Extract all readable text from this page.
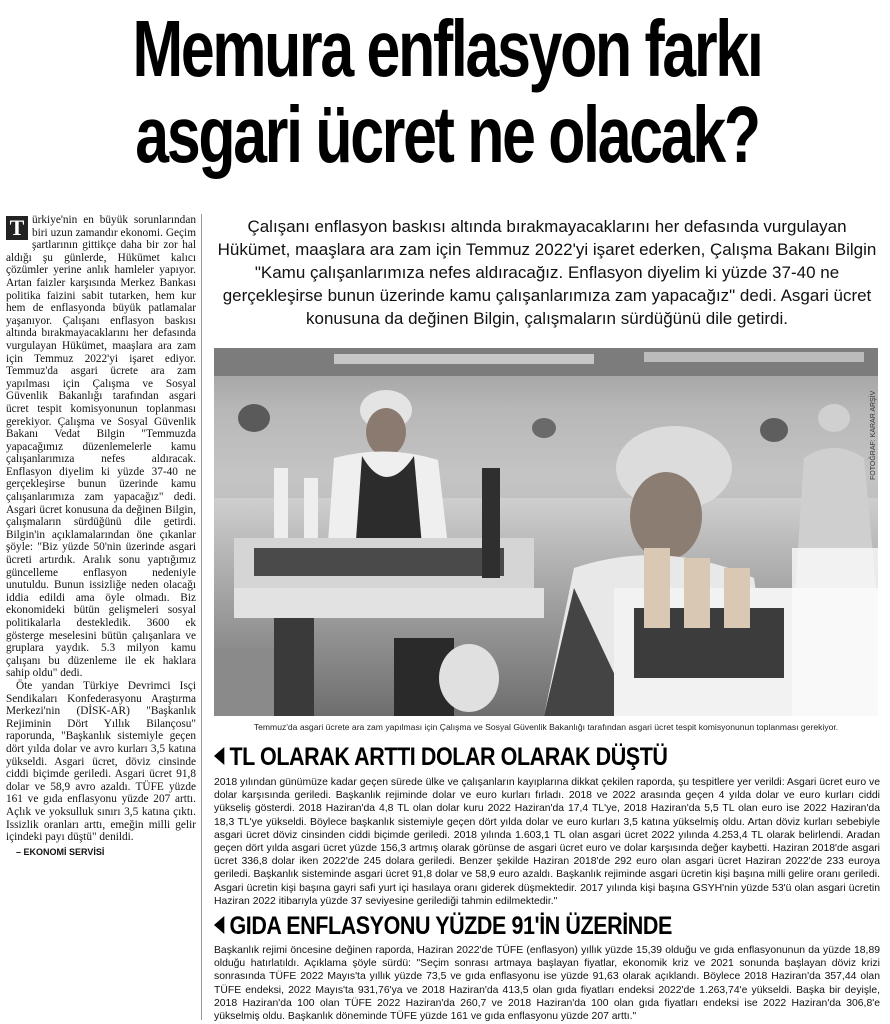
Memura enflasyon farkı
asgari ücret ne olacak?

T ürkiye'nin en büyük sorunlarından biri uzun zamandır ekonomi. Geçim şartlarının gittikçe daha bir zor hal aldığı şu günlerde, Hükümet kalıcı çözümler yerine anlık hamleler yapıyor. Artan faizler karşısında Merkez Bankası politika faizini sabit tutarken, hem kur hem de enflasyonda büyük patlamalar yaşanıyor. Çalışanı enflasyon baskısı altında bırakmayacaklarını her defasında vurgulayan Hükümet, maaşlara ara zam için Temmuz 2022'yi işaret ediyor. Temmuz'da asgari ücrete ara zam yapılması için Çalışma ve Sosyal Güvenlik Bakanlığı tarafından asgari ücret tespit komisyonunun toplanması gerekiyor. Çalışma ve Sosyal Güvenlik Bakanı Vedat Bilgin "Temmuzda yapacağımız düzenlemelerle kamu çalışanlarımıza nefes aldıracak. Enflasyon diyelim ki yüzde 37-40 ne gerçekleşirse bunun üzerinde kamu çalışanlarımıza zam yapacağız" dedi. Asgari ücret konusuna da değinen Bilgin, çalışmaların sürdüğünü dile getirdi. Bilgin'in açıklamalarından öne çıkanlar şöyle: "Biz yüzde 50'nin üzerinde asgari ücreti artırdık. Aralık sonu yaptığımız güncelleme enflasyon nedeniyle unutuldu. Bunun issizliğe neden olacağı iddia edildi ama öyle olmadı. Biz ekonomideki bütün gelişmeleri sosyal politikalarla destekledik. 3600 ek gösterge meselesini bütün çalışanlara ve gruplara yaydık. 5.3 milyon kamu çalışanı bu düzenleme ile ek haklara sahip oldu" dedi.

Öte yandan Türkiye Devrimci Isçi Sendikaları Konfederasyonu Araştırma Merkezi'nin (DİSK-AR) "Başkanlık Rejiminin Dört Yıllık Bilançosu" raporunda, "Başkanlık sistemiyle geçen dört yılda dolar ve avro kurları 3,5 katına yükseldi. Asgari ücret, döviz cinsinde ciddi biçimde geriledi. Asgari ücret 91,8 dolar ve 58,9 avro azaldı. TÜFE yüzde 161 ve gıda enflasyonu yüzde 207 arttı. Açlık ve yoksulluk sınırı 3,5 katına çıktı. Issizlik oranları arttı, emeğin milli gelir içindeki payı düştü" denildi.

– EKONOMİ SERVİSİ

Çalışanı enflasyon baskısı altında bırakmayacaklarını her defasında vurgulayan Hükümet, maaşlara ara zam için Temmuz 2022'yi işaret ederken, Çalışma Bakanı Bilgin "Kamu çalışanlarımıza nefes aldıracağız. Enflasyon diyelim ki yüzde 37-40 ne gerçekleşirse bunun üzerinde kamu çalışanlarımıza zam yapacağız" dedi. Asgari ücret konusuna da değinen Bilgin, çalışmaların sürdüğünü dile getirdi.
FOTOĞRAF: KARAR ARŞİV
Temmuz'da asgari ücrete ara zam yapılması için Çalışma ve Sosyal Güvenlik Bakanlığı tarafından asgari ücret tespit komisyonunun toplanması gerekiyor.
TL OLARAK ARTTI DOLAR OLARAK DÜŞTÜ
2018 yılından günümüze kadar geçen sürede ülke ve çalışanların kayıplarına dikkat çekilen raporda, şu tespitlere yer verildi: Asgari ücret euro ve dolar karşısında geriledi. Başkanlık rejiminde dolar ve euro kurları fırladı. 2018 ve 2022 arasında geçen 4 yılda dolar ve euro kurları ciddi yükseliş gösterdi. 2018 Haziran'da 4,8 TL olan dolar kuru 2022 Haziran'da 17,4 TL'ye, 2018 Haziran'da 5,5 TL olan euro ise 2022 Haziran'da 18,3 TL'ye yükseldi. Böylece başkanlık sistemiyle geçen dört yılda dolar ve euro kurları 3,5 katına yükselmiş oldu. Artan döviz kurları sebebiyle asgari ücret döviz cinsinden ciddi biçimde geriledi. 2018 yılında 1.603,1 TL olan asgari ücret 2022 yılında 4.253,4 TL olarak belirlendi. Aradan geçen dört yılda asgari ücret yüzde 156,3 artmış olarak görünse de asgari ücret euro ve dolar karşısında değer kaybetti. Haziran 2018'de asgari ücret 336,8 dolar iken 2022'de 245 dolara geriledi. Benzer şekilde Haziran 2018'de 292 euro olan asgari ücret Haziran 2022'de 233 euroya geriledi. Başkanlık sisteminde asgari ücret 91,8 dolar ve 58,9 euro azaldı. Başkanlık rejiminde asgari ücretin kişi başına milli gelire oranı geriledi. Asgari ücretin kişi başına gayri safi yurt içi hasılaya oranı giderek düşmektedir. 2017 yılında kişi başına GSYH'nin yüzde 53'ü olan asgari ücretin Haziran 2022 itibarıyla yüzde 37 seviyesine gerilediği tahmin edilmektedir."
GIDA ENFLASYONU YÜZDE 91'İN ÜZERİNDE
Başkanlık rejimi öncesine değinen raporda, Haziran 2022'de TÜFE (enflasyon) yıllık yüzde 15,39 olduğu ve gıda enflasyonunun da yüzde 18,89 olduğu hatırlatıldı. Açıklama şöyle sürdü: "Seçim sonrası artmaya başlayan fiyatlar, ekonomik kriz ve 2021 sonunda başlayan döviz krizi sonrasında TÜFE 2022 Mayıs'ta yıllık yüzde 73,5 ve gıda enflasyonu ise yüzde 91,63 olarak açıklandı. Böylece 2018 Haziran'da 357,44 olan TÜFE endeksi, 2022 Mayıs'ta 931,76'ya ve 2018 Haziran'da 413,5 olan gıda fiyatları endeksi 2022'de 1.263,74'e yükseldi. Başka bir deyişle, 2018 Haziran'da 100 olan TÜFE 2022 Haziran'da 260,7 ve 2018 Haziran'da 100 olan gıda fiyatları endeksi ise 2022 Haziran'da 306,8'e yükselmiş oldu. Başkanlık döneminde TÜFE yüzde 161 ve gıda enflasyonu yüzde 207 arttı."
